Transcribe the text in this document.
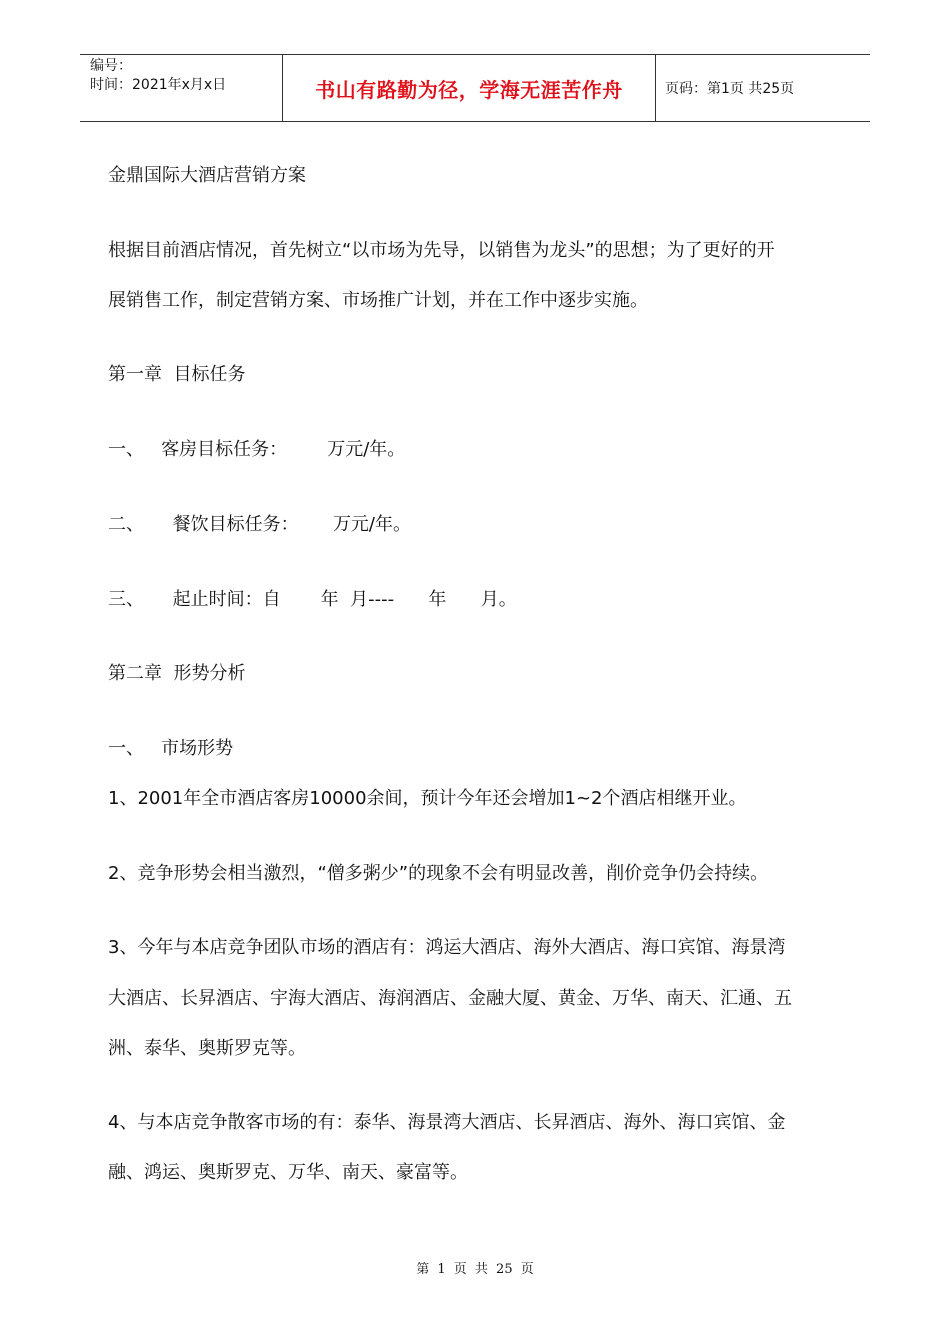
编号：
时间：2021年x月x日	书山有路勤为径，学海无涯苦作舟	页码：第1页 共25页
金鼎国际大酒店营销方案
根据目前酒店情况，首先树立“以市场为先导，以销售为龙头”的思想；为了更好的开
展销售工作，制定营销方案、市场推广计划，并在工作中逐步实施。
第一章  目标任务
一、   客房目标任务：       万元/年。
二、     餐饮目标任务：      万元/年。
三、     起止时间：自       年  月----      年      月。
第二章  形势分析
一、   市场形势
1、2001年全市酒店客房10000余间，预计今年还会增加1~2个酒店相继开业。
2、竞争形势会相当激烈，“僧多粥少”的现象不会有明显改善，削价竞争仍会持续。
3、今年与本店竞争团队市场的酒店有：鸿运大酒店、海外大酒店、海口宾馆、海景湾
大酒店、长昇酒店、宇海大酒店、海润酒店、金融大厦、黄金、万华、南天、汇通、五
洲、泰华、奥斯罗克等。
4、与本店竞争散客市场的有：泰华、海景湾大酒店、长昇酒店、海外、海口宾馆、金
融、鸿运、奥斯罗克、万华、南天、豪富等。
第 1 页 共 25 页
